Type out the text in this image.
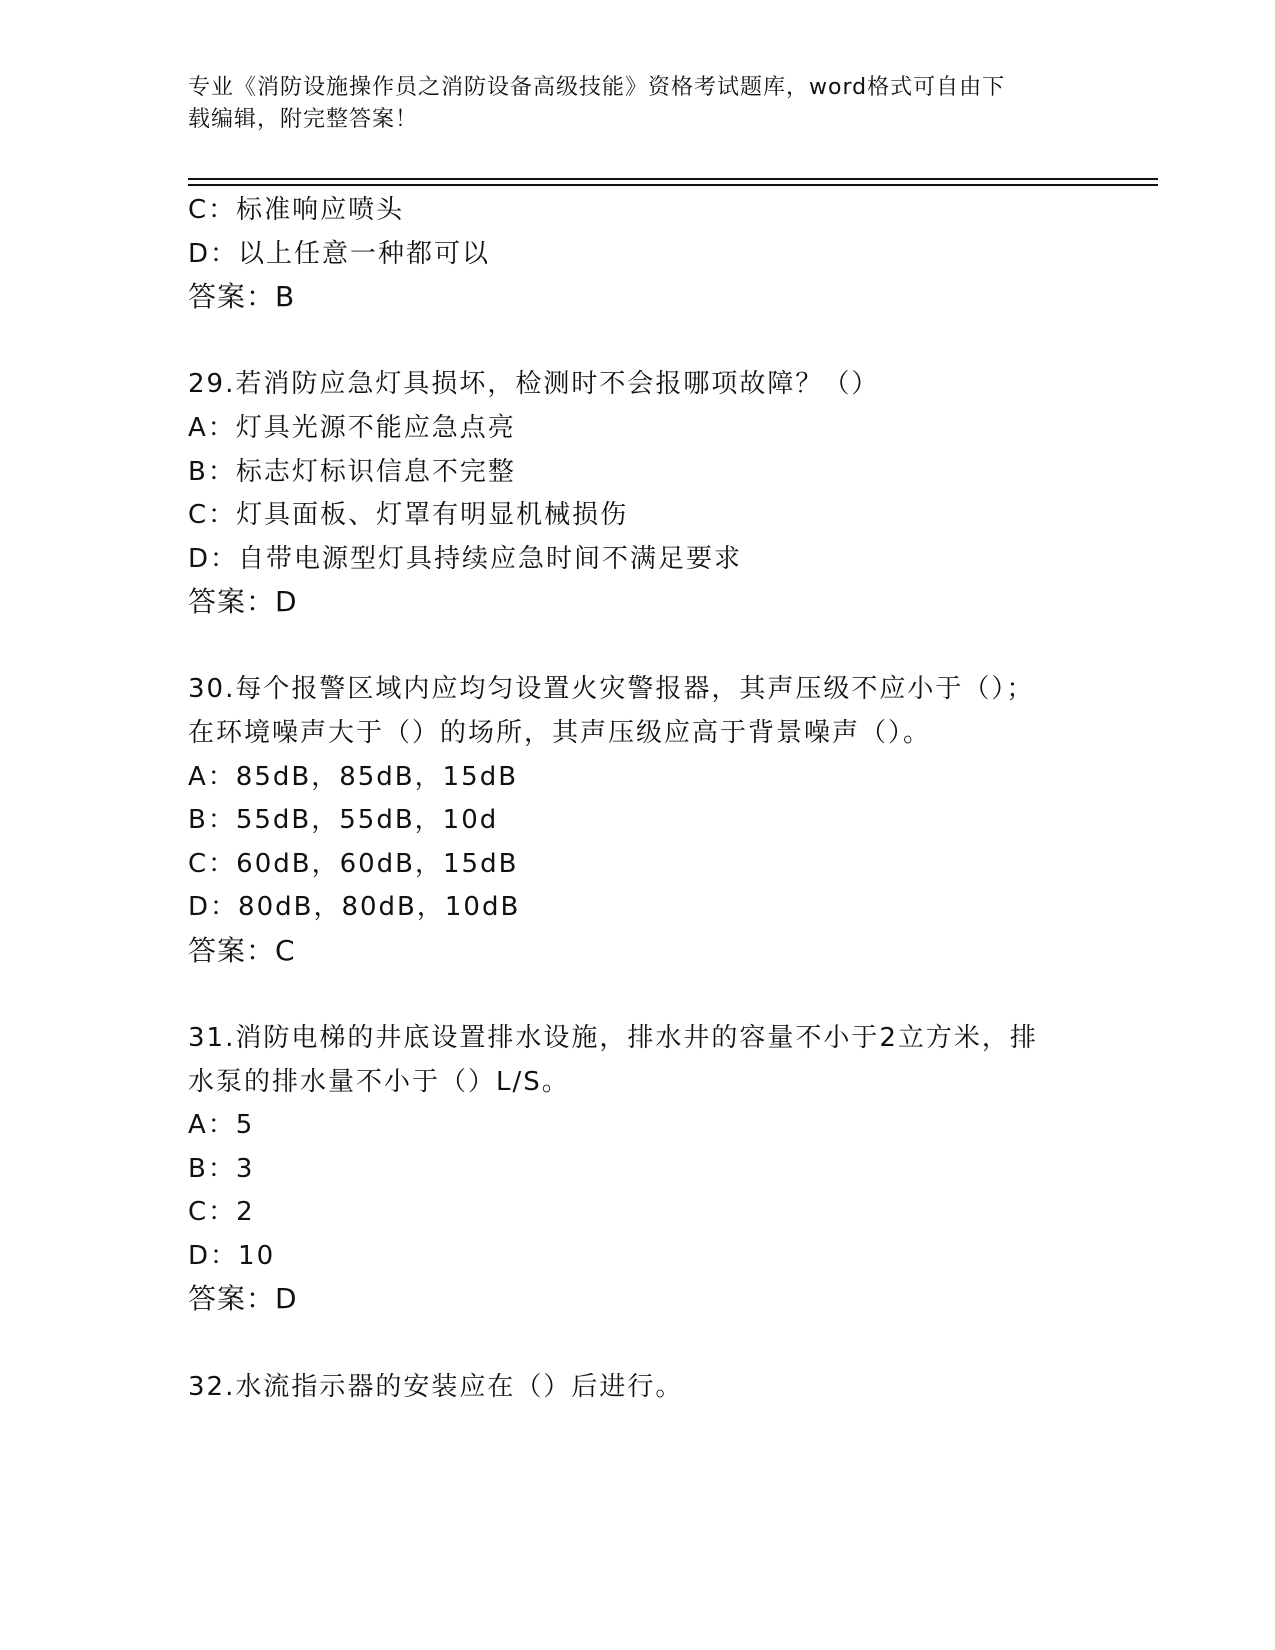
专业《消防设施操作员之消防设备高级技能》资格考试题库，word格式可自由下
载编辑，附完整答案！
C：标准响应喷头
D：以上任意一种都可以
答案：B
29.若消防应急灯具损坏，检测时不会报哪项故障？（）
A：灯具光源不能应急点亮
B：标志灯标识信息不完整
C：灯具面板、灯罩有明显机械损伤
D：自带电源型灯具持续应急时间不满足要求
答案：D
30.每个报警区域内应均匀设置火灾警报器，其声压级不应小于（）；
在环境噪声大于（）的场所，其声压级应高于背景噪声（）。
A：85dB，85dB，15dB
B：55dB，55dB，10d
C：60dB，60dB，15dB
D：80dB，80dB，10dB
答案：C
31.消防电梯的井底设置排水设施，排水井的容量不小于2立方米，排
水泵的排水量不小于（）L/S。
A：5
B：3
C：2
D：10
答案：D
32.水流指示器的安装应在（）后进行。
